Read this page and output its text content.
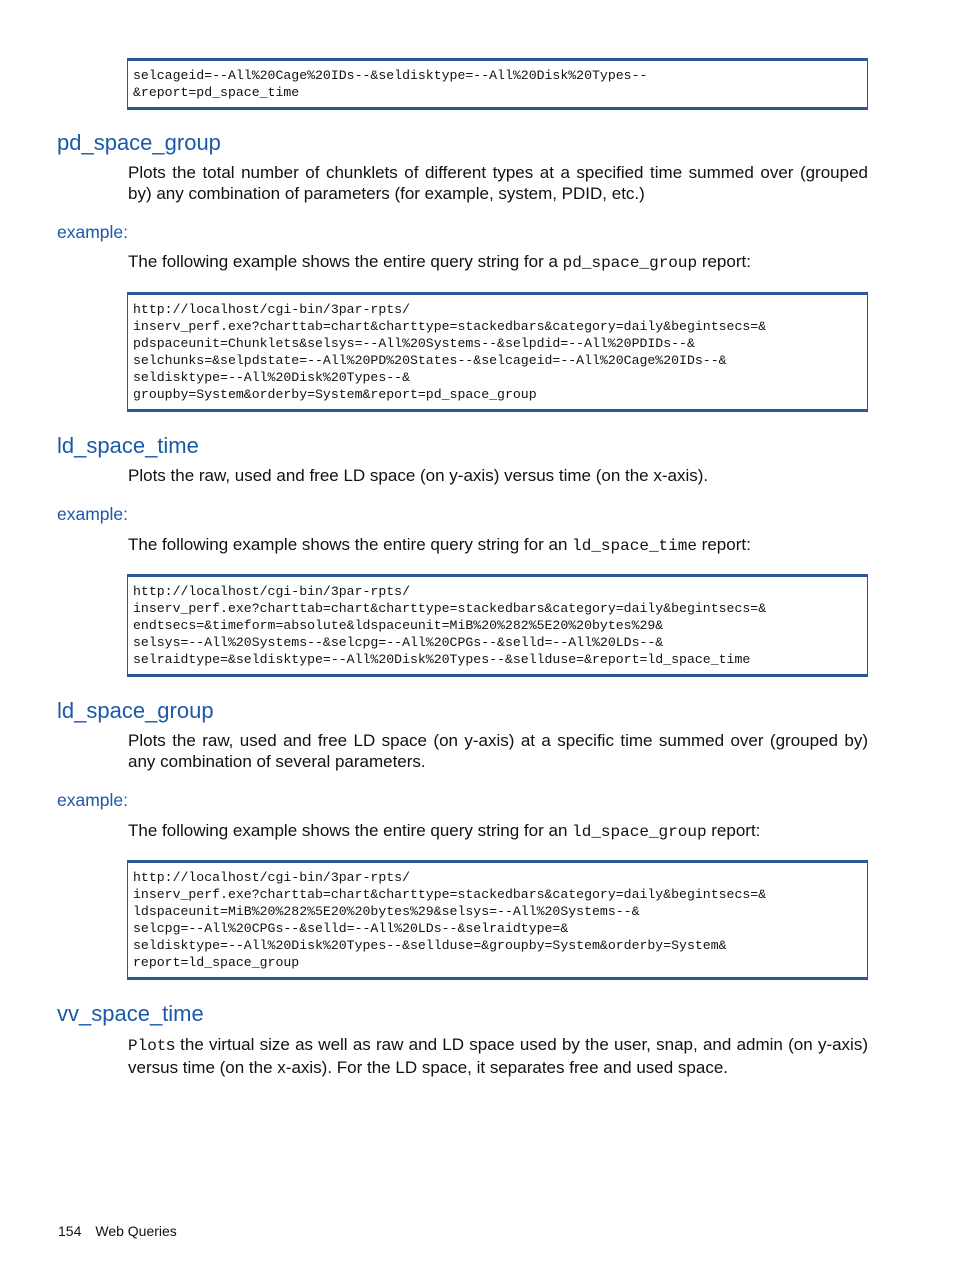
selcageid=--All%20Cage%20IDs--&seldisktype=--All%20Disk%20Types--
&report=pd_space_time
pd_space_group

Plots the total number of chunklets of different types at a specified time summed over (grouped by) any combination of parameters (for example, system, PDID, etc.)

example:

The following example shows the entire query string for a pd_space_group report:

http://localhost/cgi-bin/3par-rpts/
inserv_perf.exe?charttab=chart&charttype=stackedbars&category=daily&begintsecs=&
pdspaceunit=Chunklets&selsys=--All%20Systems--&selpdid=--All%20PDIDs--&
selchunks=&selpdstate=--All%20PD%20States--&selcageid=--All%20Cage%20IDs--&
seldisktype=--All%20Disk%20Types--&
groupby=System&orderby=System&report=pd_space_group
ld_space_time

Plots the raw, used and free LD space (on y-axis) versus time (on the x-axis).

example:

The following example shows the entire query string for an ld_space_time report:

http://localhost/cgi-bin/3par-rpts/
inserv_perf.exe?charttab=chart&charttype=stackedbars&category=daily&begintsecs=&
endtsecs=&timeform=absolute&ldspaceunit=MiB%20%282%5E20%20bytes%29&
selsys=--All%20Systems--&selcpg=--All%20CPGs--&selld=--All%20LDs--&
selraidtype=&seldisktype=--All%20Disk%20Types--&sellduse=&report=ld_space_time
ld_space_group

Plots the raw, used and free LD space (on y-axis) at a specific time summed over (grouped by) any combination of several parameters.

example:

The following example shows the entire query string for an ld_space_group report:

http://localhost/cgi-bin/3par-rpts/
inserv_perf.exe?charttab=chart&charttype=stackedbars&category=daily&begintsecs=&
ldspaceunit=MiB%20%282%5E20%20bytes%29&selsys=--All%20Systems--&
selcpg=--All%20CPGs--&selld=--All%20LDs--&selraidtype=&
seldisktype=--All%20Disk%20Types--&sellduse=&groupby=System&orderby=System&
report=ld_space_group
vv_space_time

Plots the virtual size as well as raw and LD space used by the user, snap, and admin (on y-axis) versus time (on the x-axis). For the LD space, it separates free and used space.

154 Web Queries
